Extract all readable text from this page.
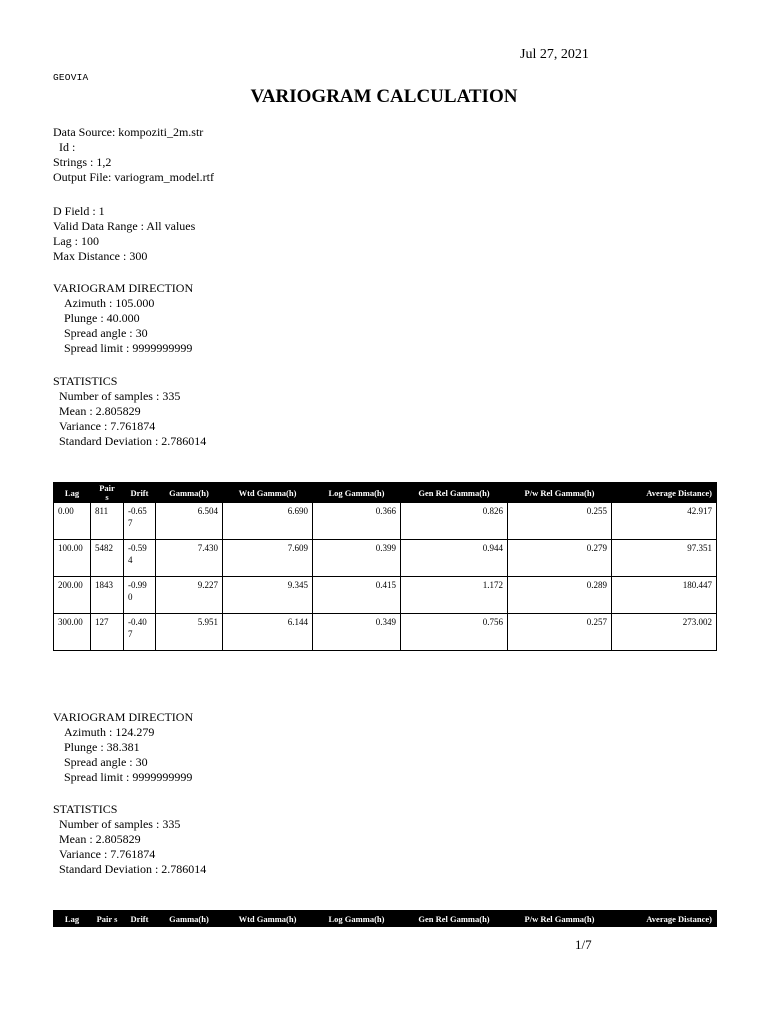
Jul 27, 2021
GEOVIA
VARIOGRAM CALCULATION
Data Source: kompoziti_2m.str
Id :
Strings : 1,2
Output File: variogram_model.rtf
D Field : 1
Valid Data Range : All values
Lag : 100
Max Distance : 300
VARIOGRAM DIRECTION
Azimuth : 105.000
Plunge : 40.000
Spread angle : 30
Spread limit : 9999999999
STATISTICS
Number of samples : 335
Mean : 2.805829
Variance : 7.761874
Standard Deviation : 2.786014
Lag	Pair s	Drift	Gamma(h)	Wtd Gamma(h)	Log Gamma(h)	Gen Rel Gamma(h)	P/w Rel Gamma(h)	Average Distance)
0.00	811	-0.657	6.504	6.690	0.366	0.826	0.255	42.917
100.00	5482	-0.594	7.430	7.609	0.399	0.944	0.279	97.351
200.00	1843	-0.990	9.227	9.345	0.415	1.172	0.289	180.447
300.00	127	-0.407	5.951	6.144	0.349	0.756	0.257	273.002
VARIOGRAM DIRECTION
Azimuth : 124.279
Plunge : 38.381
Spread angle : 30
Spread limit : 9999999999
STATISTICS
Number of samples : 335
Mean : 2.805829
Variance : 7.761874
Standard Deviation : 2.786014
Lag	Pair s	Drift	Gamma(h)	Wtd Gamma(h)	Log Gamma(h)	Gen Rel Gamma(h)	P/w Rel Gamma(h)	Average Distance)
1/7
